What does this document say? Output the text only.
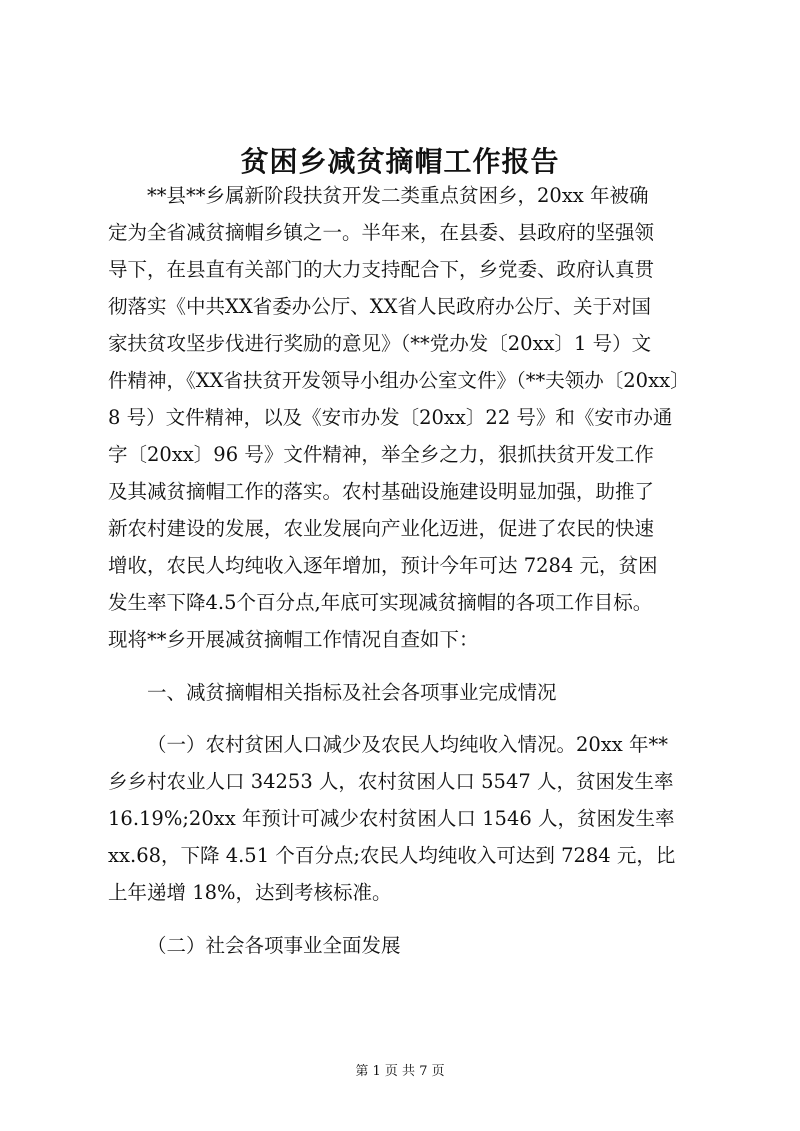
贫困乡减贫摘帽工作报告
**县**乡属新阶段扶贫开发二类重点贫困乡，20xx 年被确
定为全省减贫摘帽乡镇之一。半年来，在县委、县政府的坚强领
导下，在县直有关部门的大力支持配合下，乡党委、政府认真贯
彻落实《中共XX省委办公厅、XX省人民政府办公厅、关于对国
家扶贫攻坚步伐进行奖励的意见》（**党办发〔20xx〕1 号）文
件精神，《XX省扶贫开发领导小组办公室文件》（**夫领办〔20xx〕
8 号）文件精神，以及《安市办发〔20xx〕22 号》和《安市办通
字〔20xx〕96 号》文件精神，举全乡之力，狠抓扶贫开发工作
及其减贫摘帽工作的落实。农村基础设施建设明显加强，助推了
新农村建设的发展，农业发展向产业化迈进，促进了农民的快速
增收，农民人均纯收入逐年增加，预计今年可达 7284 元，贫困
发生率下降4.5个百分点,年底可实现减贫摘帽的各项工作目标。
现将**乡开展减贫摘帽工作情况自查如下：
一、减贫摘帽相关指标及社会各项事业完成情况
（一）农村贫困人口减少及农民人均纯收入情况。20xx 年**
乡乡村农业人口 34253 人，农村贫困人口 5547 人，贫困发生率
16.19%;20xx 年预计可减少农村贫困人口 1546 人，贫困发生率
xx.68，下降 4.51 个百分点;农民人均纯收入可达到 7284 元，比
上年递增 18%，达到考核标准。
（二）社会各项事业全面发展
第 1 页 共 7 页
